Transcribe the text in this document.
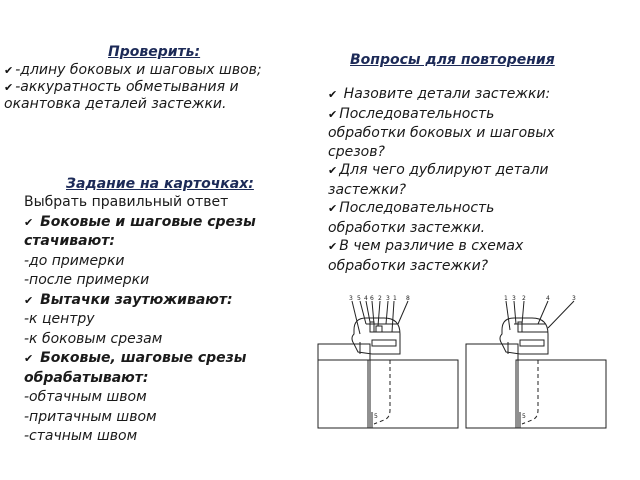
Проверить:
✔ -длину боковых и шаговых швов;
✔ -аккуратность обметывания и
окантовка деталей застежки.
Вопросы для повторения
✔ Назовите детали застежки:
✔ Последовательность
обработки боковых и шаговых
срезов?
✔ Для чего дублируют детали
застежки?
✔ Последовательность
обработки застежки.
✔ В чем различие в схемах
обработки застежки?
Задание на карточках:
Выбрать правильный ответ
✔ Боковые и шаговые срезы
стачивают:
-до примерки
-после примерки
✔ Вытачки заутюживают:
-к центру
-к боковым срезам
✔ Боковые, шаговые срезы
обрабатывают:
-обтачным швом
-притачным швом
-стачным швом
3 5 4 6 2 3 1 8
5
1 3 2	4	3
5
